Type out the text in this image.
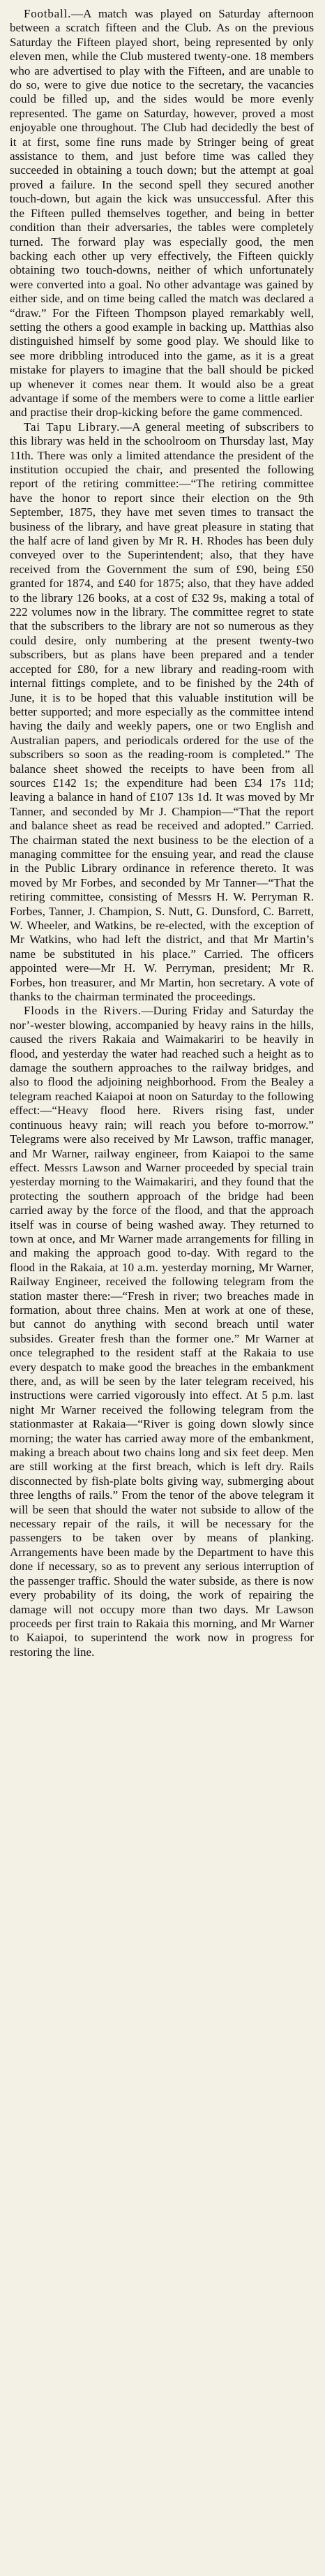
Football.—A match was played on Saturday afternoon between a scratch fifteen and the Club. As on the previous Saturday the Fifteen played short, being represented by only eleven men, while the Club mustered twenty-one. 18 members who are advertised to play with the Fifteen, and are unable to do so, were to give due notice to the secretary, the vacancies could be filled up, and the sides would be more evenly represented. The game on Saturday, however, proved a most enjoyable one throughout. The Club had decidedly the best of it at first, some fine runs made by Stringer being of great assistance to them, and just before time was called they succeeded in obtaining a touch down; but the attempt at goal proved a failure. In the second spell they secured another touch-down, but again the kick was unsuccessful. After this the Fifteen pulled themselves together, and being in better condition than their adversaries, the tables were completely turned. The forward play was especially good, the men backing each other up very effectively, the Fifteen quickly obtaining two touch-downs, neither of which unfortunately were converted into a goal. No other advantage was gained by either side, and on time being called the match was declared a “draw.” For the Fifteen Thompson played remarkably well, setting the others a good example in backing up. Matthias also distinguished himself by some good play. We should like to see more dribbling introduced into the game, as it is a great mistake for players to imagine that the ball should be picked up whenever it comes near them. It would also be a great advantage if some of the members were to come a little earlier and practise their drop-kicking before the game commenced.

Tai Tapu Library.—A general meeting of subscribers to this library was held in the schoolroom on Thursday last, May 11th. There was only a limited attendance the president of the institution occupied the chair, and presented the following report of the retiring committee:—“The retiring committee have the honor to report since their election on the 9th September, 1875, they have met seven times to transact the business of the library, and have great pleasure in stating that the half acre of land given by Mr R. H. Rhodes has been duly conveyed over to the Superintendent; also, that they have received from the Government the sum of £90, being £50 granted for 1874, and £40 for 1875; also, that they have added to the library 126 books, at a cost of £32 9s, making a total of 222 volumes now in the library. The committee regret to state that the subscribers to the library are not so numerous as they could desire, only numbering at the present twenty-two subscribers, but as plans have been prepared and a tender accepted for £80, for a new library and reading-room with internal fittings complete, and to be finished by the 24th of June, it is to be hoped that this valuable institution will be better supported; and more especially as the committee intend having the daily and weekly papers, one or two English and Australian papers, and periodicals ordered for the use of the subscribers so soon as the reading-room is completed.” The balance sheet showed the receipts to have been from all sources £142 1s; the expenditure had been £34 17s 11d; leaving a balance in hand of £107 13s 1d. It was moved by Mr Tanner, and seconded by Mr J. Champion—“That the report and balance sheet as read be received and adopted.” Carried. The chairman stated the next business to be the election of a managing committee for the ensuing year, and read the clause in the Public Library ordinance in reference thereto. It was moved by Mr Forbes, and seconded by Mr Tanner—“That the retiring committee, consisting of Messrs H. W. Perryman R. Forbes, Tanner, J. Champion, S. Nutt, G. Dunsford, C. Barrett, W. Wheeler, and Watkins, be re-elected, with the exception of Mr Watkins, who had left the district, and that Mr Martin’s name be substituted in his place.” Carried. The officers appointed were—Mr H. W. Perryman, president; Mr R. Forbes, hon treasurer, and Mr Martin, hon secretary. A vote of thanks to the chairman terminated the proceedings.

Floods in the Rivers.—During Friday and Saturday the nor’-wester blowing, accompanied by heavy rains in the hills, caused the rivers Rakaia and Waimakariri to be heavily in flood, and yesterday the water had reached such a height as to damage the southern approaches to the railway bridges, and also to flood the adjoining neighborhood. From the Bealey a telegram reached Kaiapoi at noon on Saturday to the following effect:—“Heavy flood here. Rivers rising fast, under continuous heavy rain; will reach you before to-morrow.” Telegrams were also received by Mr Lawson, traffic manager, and Mr Warner, railway engineer, from Kaiapoi to the same effect. Messrs Lawson and Warner proceeded by special train yesterday morning to the Waimakariri, and they found that the protecting the southern approach of the bridge had been carried away by the force of the flood, and that the approach itself was in course of being washed away. They returned to town at once, and Mr Warner made arrangements for filling in and making the approach good to-day. With regard to the flood in the Rakaia, at 10 a.m. yesterday morning, Mr Warner, Railway Engineer, received the following telegram from the station master there:—“Fresh in river; two breaches made in formation, about three chains. Men at work at one of these, but cannot do anything with second breach until water subsides. Greater fresh than the former one.” Mr Warner at once telegraphed to the resident staff at the Rakaia to use every despatch to make good the breaches in the embankment there, and, as will be seen by the later telegram received, his instructions were carried vigorously into effect. At 5 p.m. last night Mr Warner received the following telegram from the stationmaster at Rakaia—“River is going down slowly since morning; the water has carried away more of the embankment, making a breach about two chains long and six feet deep. Men are still working at the first breach, which is left dry. Rails disconnected by fish-plate bolts giving way, submerging about three lengths of rails.” From the tenor of the above telegram it will be seen that should the water not subside to allow of the necessary repair of the rails, it will be necessary for the passengers to be taken over by means of planking. Arrangements have been made by the Department to have this done if necessary, so as to prevent any serious interruption of the passenger traffic. Should the water subside, as there is now every probability of its doing, the work of repairing the damage will not occupy more than two days. Mr Lawson proceeds per first train to Rakaia this morning, and Mr Warner to Kaiapoi, to superintend the work now in progress for restoring the line.
